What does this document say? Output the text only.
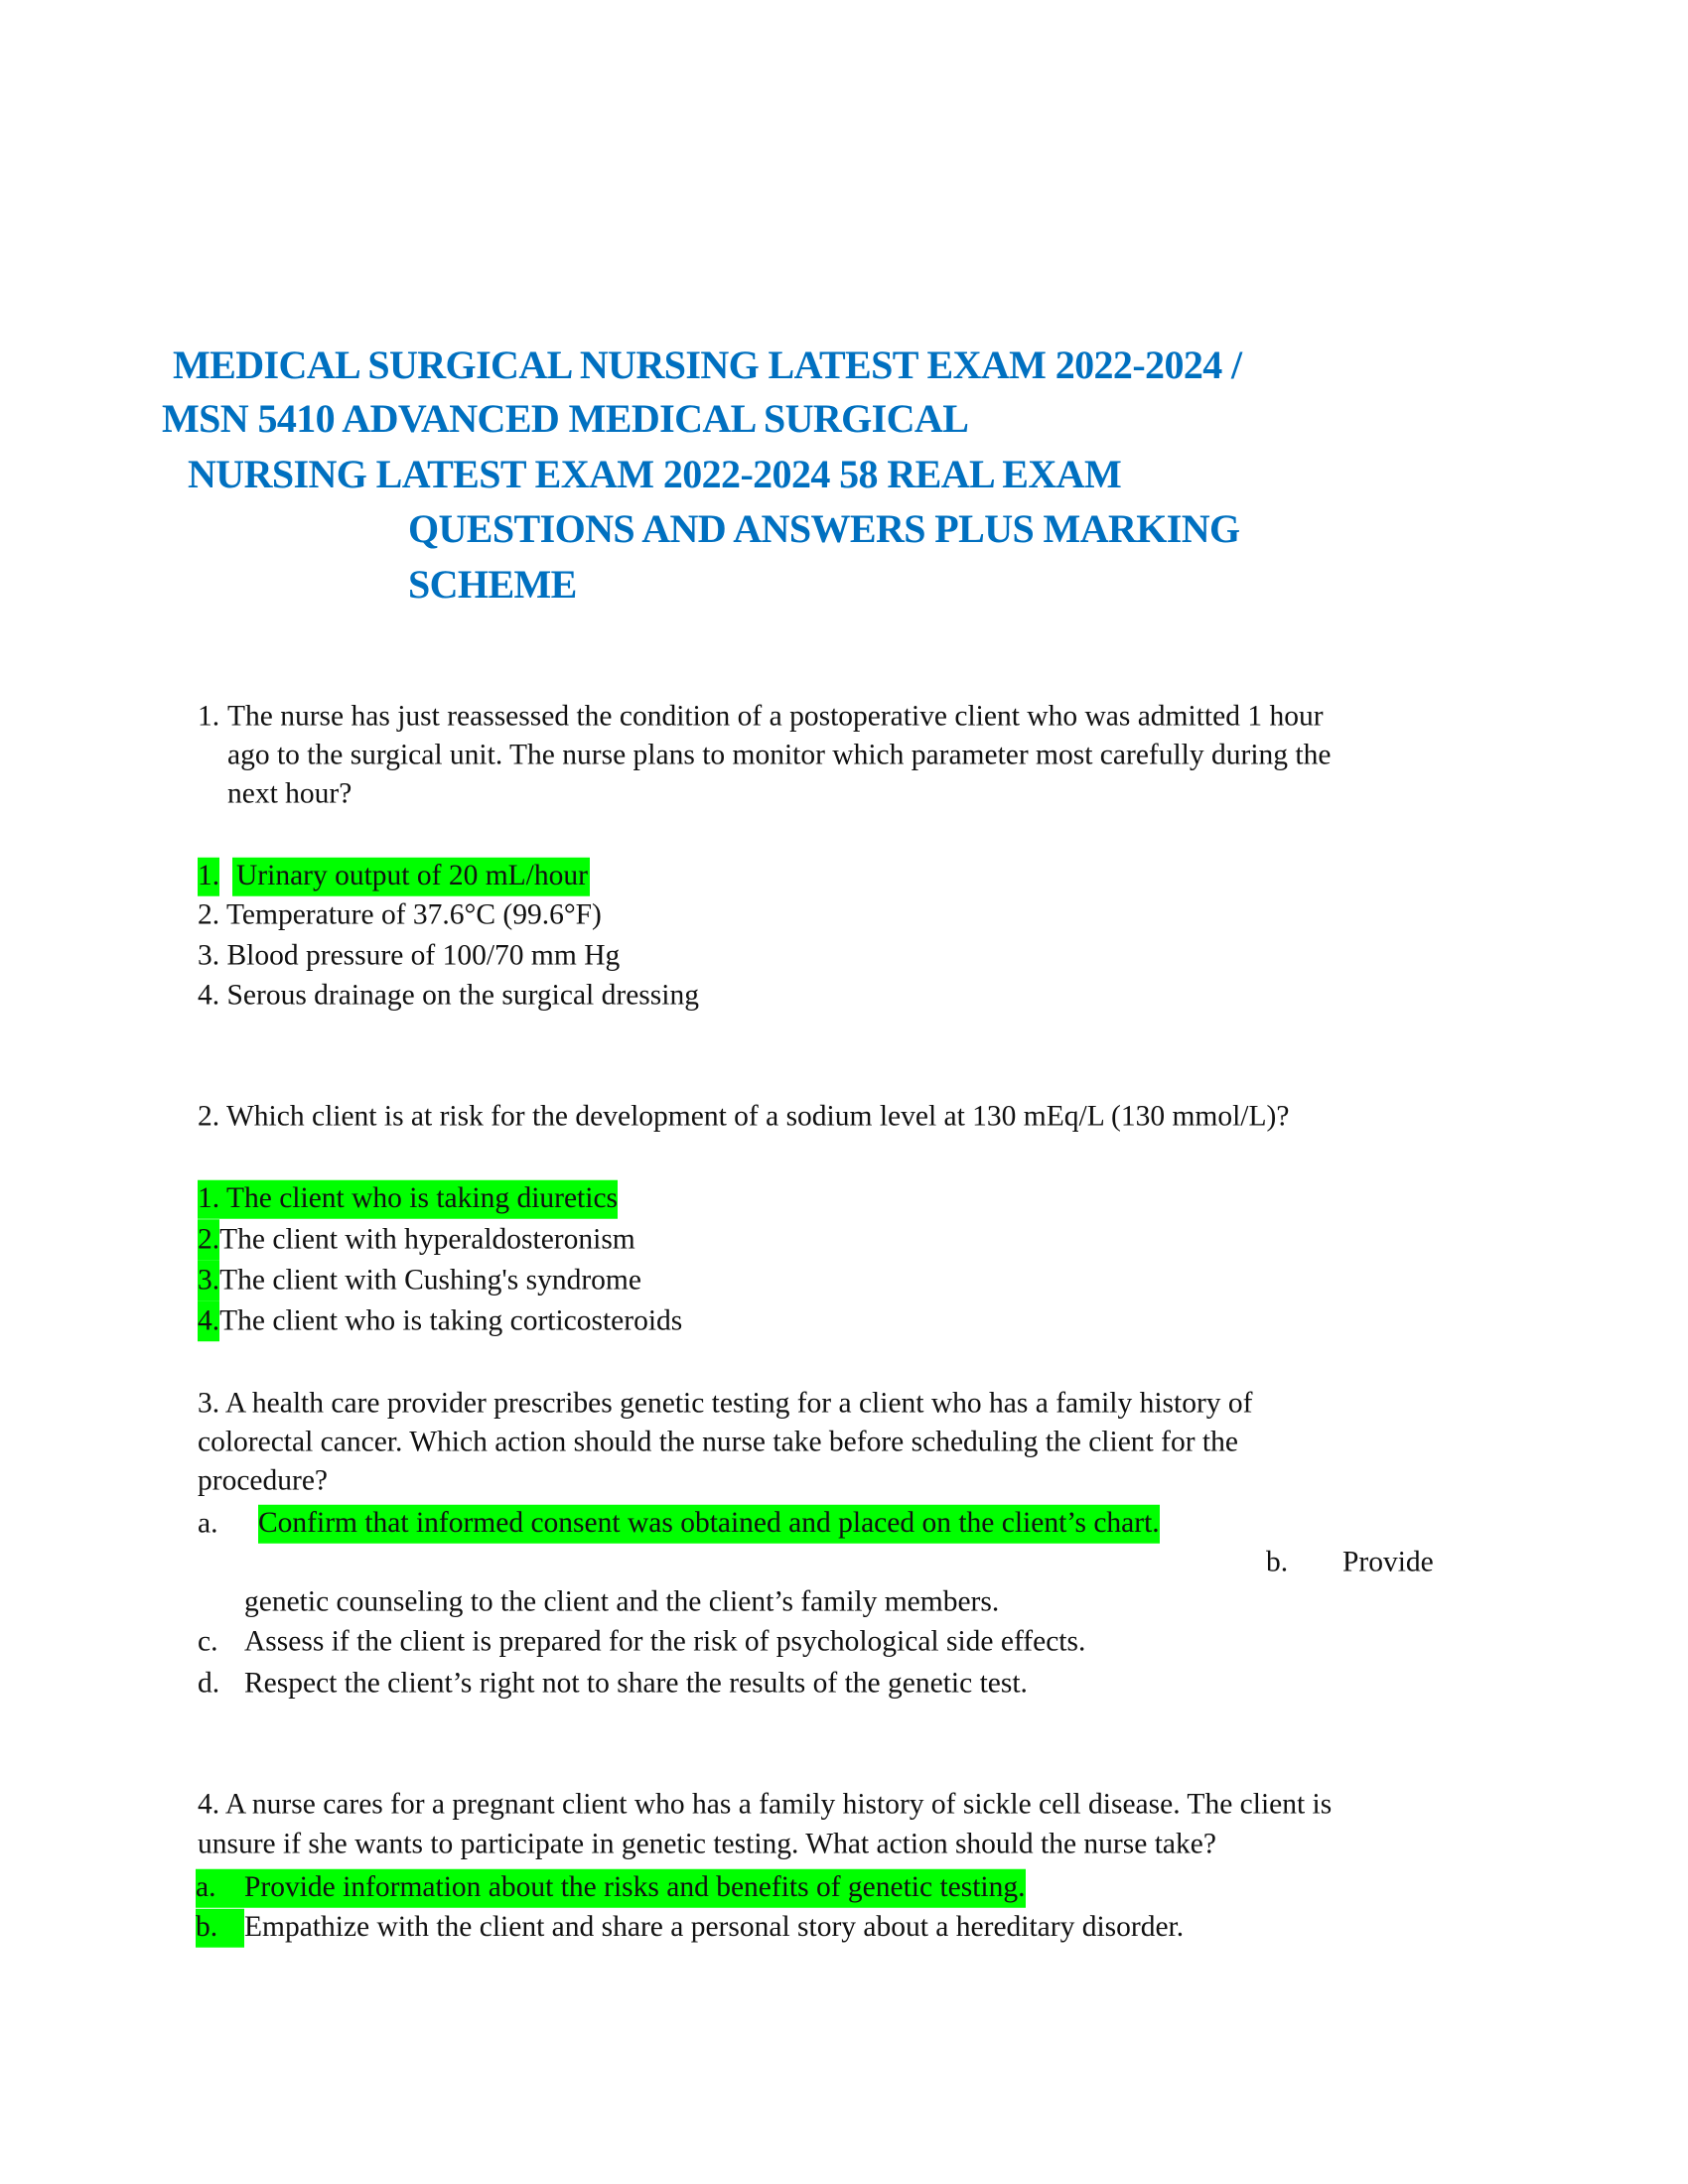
MEDICAL SURGICAL NURSING LATEST EXAM 2022-2024 /
MSN 5410 ADVANCED MEDICAL SURGICAL
NURSING LATEST EXAM 2022-2024 58 REAL EXAM
QUESTIONS AND ANSWERS PLUS MARKING
SCHEME
1. The nurse has just reassessed the condition of a postoperative client who was admitted 1 hour
ago to the surgical unit. The nurse plans to monitor which parameter most carefully during the
next hour?
1. Urinary output of 20 mL/hour
2. Temperature of 37.6°C (99.6°F)
3. Blood pressure of 100/70 mm Hg
4. Serous drainage on the surgical dressing
2. Which client is at risk for the development of a sodium level at 130 mEq/L (130 mmol/L)?
1. The client who is taking diuretics
2.The client with hyperaldosteronism
3.The client with Cushing's syndrome
4.The client who is taking corticosteroids
3. A health care provider prescribes genetic testing for a client who has a family history of
colorectal cancer. Which action should the nurse take before scheduling the client for the
procedure?
a. Confirm that informed consent was obtained and placed on the client’s chart.
b. Provide
genetic counseling to the client and the client’s family members.
c. Assess if the client is prepared for the risk of psychological side effects.
d. Respect the client’s right not to share the results of the genetic test.
4. A nurse cares for a pregnant client who has a family history of sickle cell disease. The client is
unsure if she wants to participate in genetic testing. What action should the nurse take?
a. Provide information about the risks and benefits of genetic testing.
b. Empathize with the client and share a personal story about a hereditary disorder.
